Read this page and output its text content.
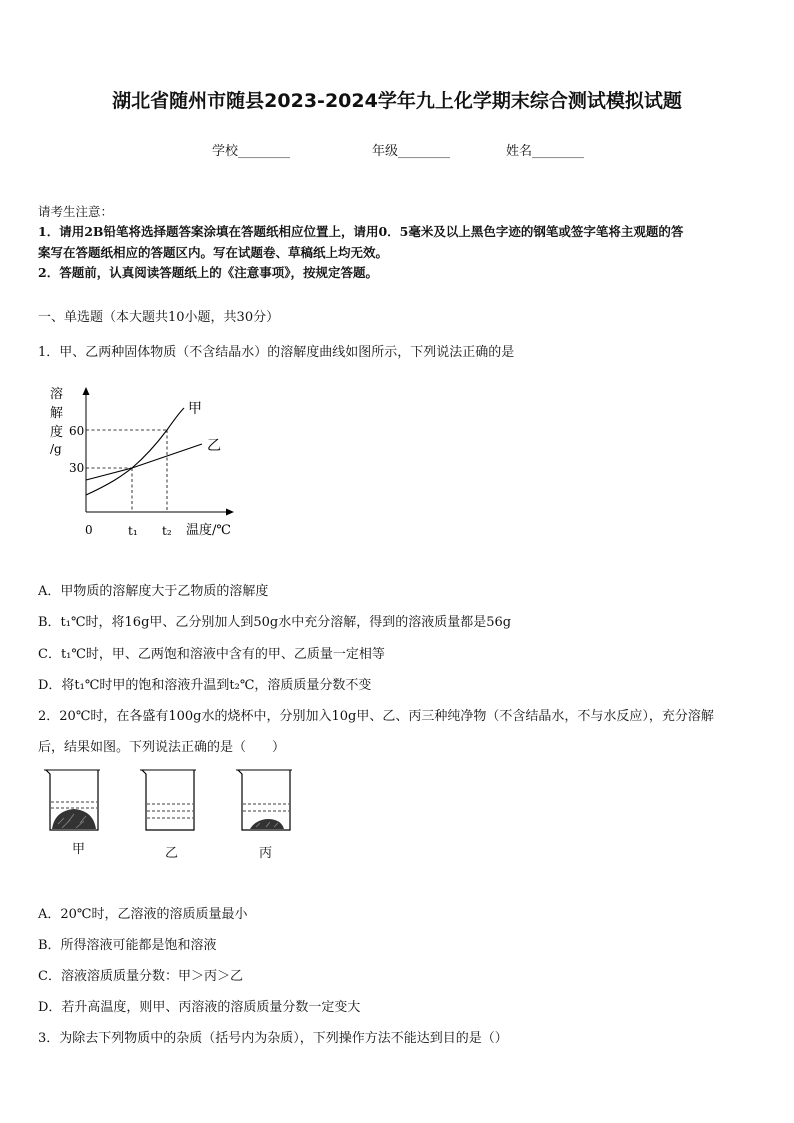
湖北省随州市随县2023-2024学年九上化学期末综合测试模拟试题
学校________	年级________	姓名________
请考生注意：
1．请用2B铅笔将选择题答案涂填在答题纸相应位置上，请用0．5毫米及以上黑色字迹的钢笔或签字笔将主观题的答
案写在答题纸相应的答题区内。写在试题卷、草稿纸上均无效。
2．答题前，认真阅读答题纸上的《注意事项》，按规定答题。
一、单选题（本大题共10小题，共30分）
1．甲、乙两种固体物质（不含结晶水）的溶解度曲线如图所示，下列说法正确的是
溶
解
度
/g
60
30
0	t₁ t₂ 温度/℃
甲
乙
A．甲物质的溶解度大于乙物质的溶解度
B．t₁℃时，将16g甲、乙分别加人到50g水中充分溶解，得到的溶液质量都是56g
C．t₁℃时，甲、乙两饱和溶液中含有的甲、乙质量一定相等
D．将t₁℃时甲的饱和溶液升温到t₂℃，溶质质量分数不变
2．20℃时，在各盛有100g水的烧杯中，分别加入10g甲、乙、丙三种纯净物（不含结晶水，不与水反应），充分溶解
后，结果如图。下列说法正确的是（　　）
甲	乙	丙
A．20℃时，乙溶液的溶质质量最小
B．所得溶液可能都是饱和溶液
C．溶液溶质质量分数：甲＞丙＞乙
D．若升高温度，则甲、丙溶液的溶质质量分数一定变大
3．为除去下列物质中的杂质（括号内为杂质），下列操作方法不能达到目的是（）
